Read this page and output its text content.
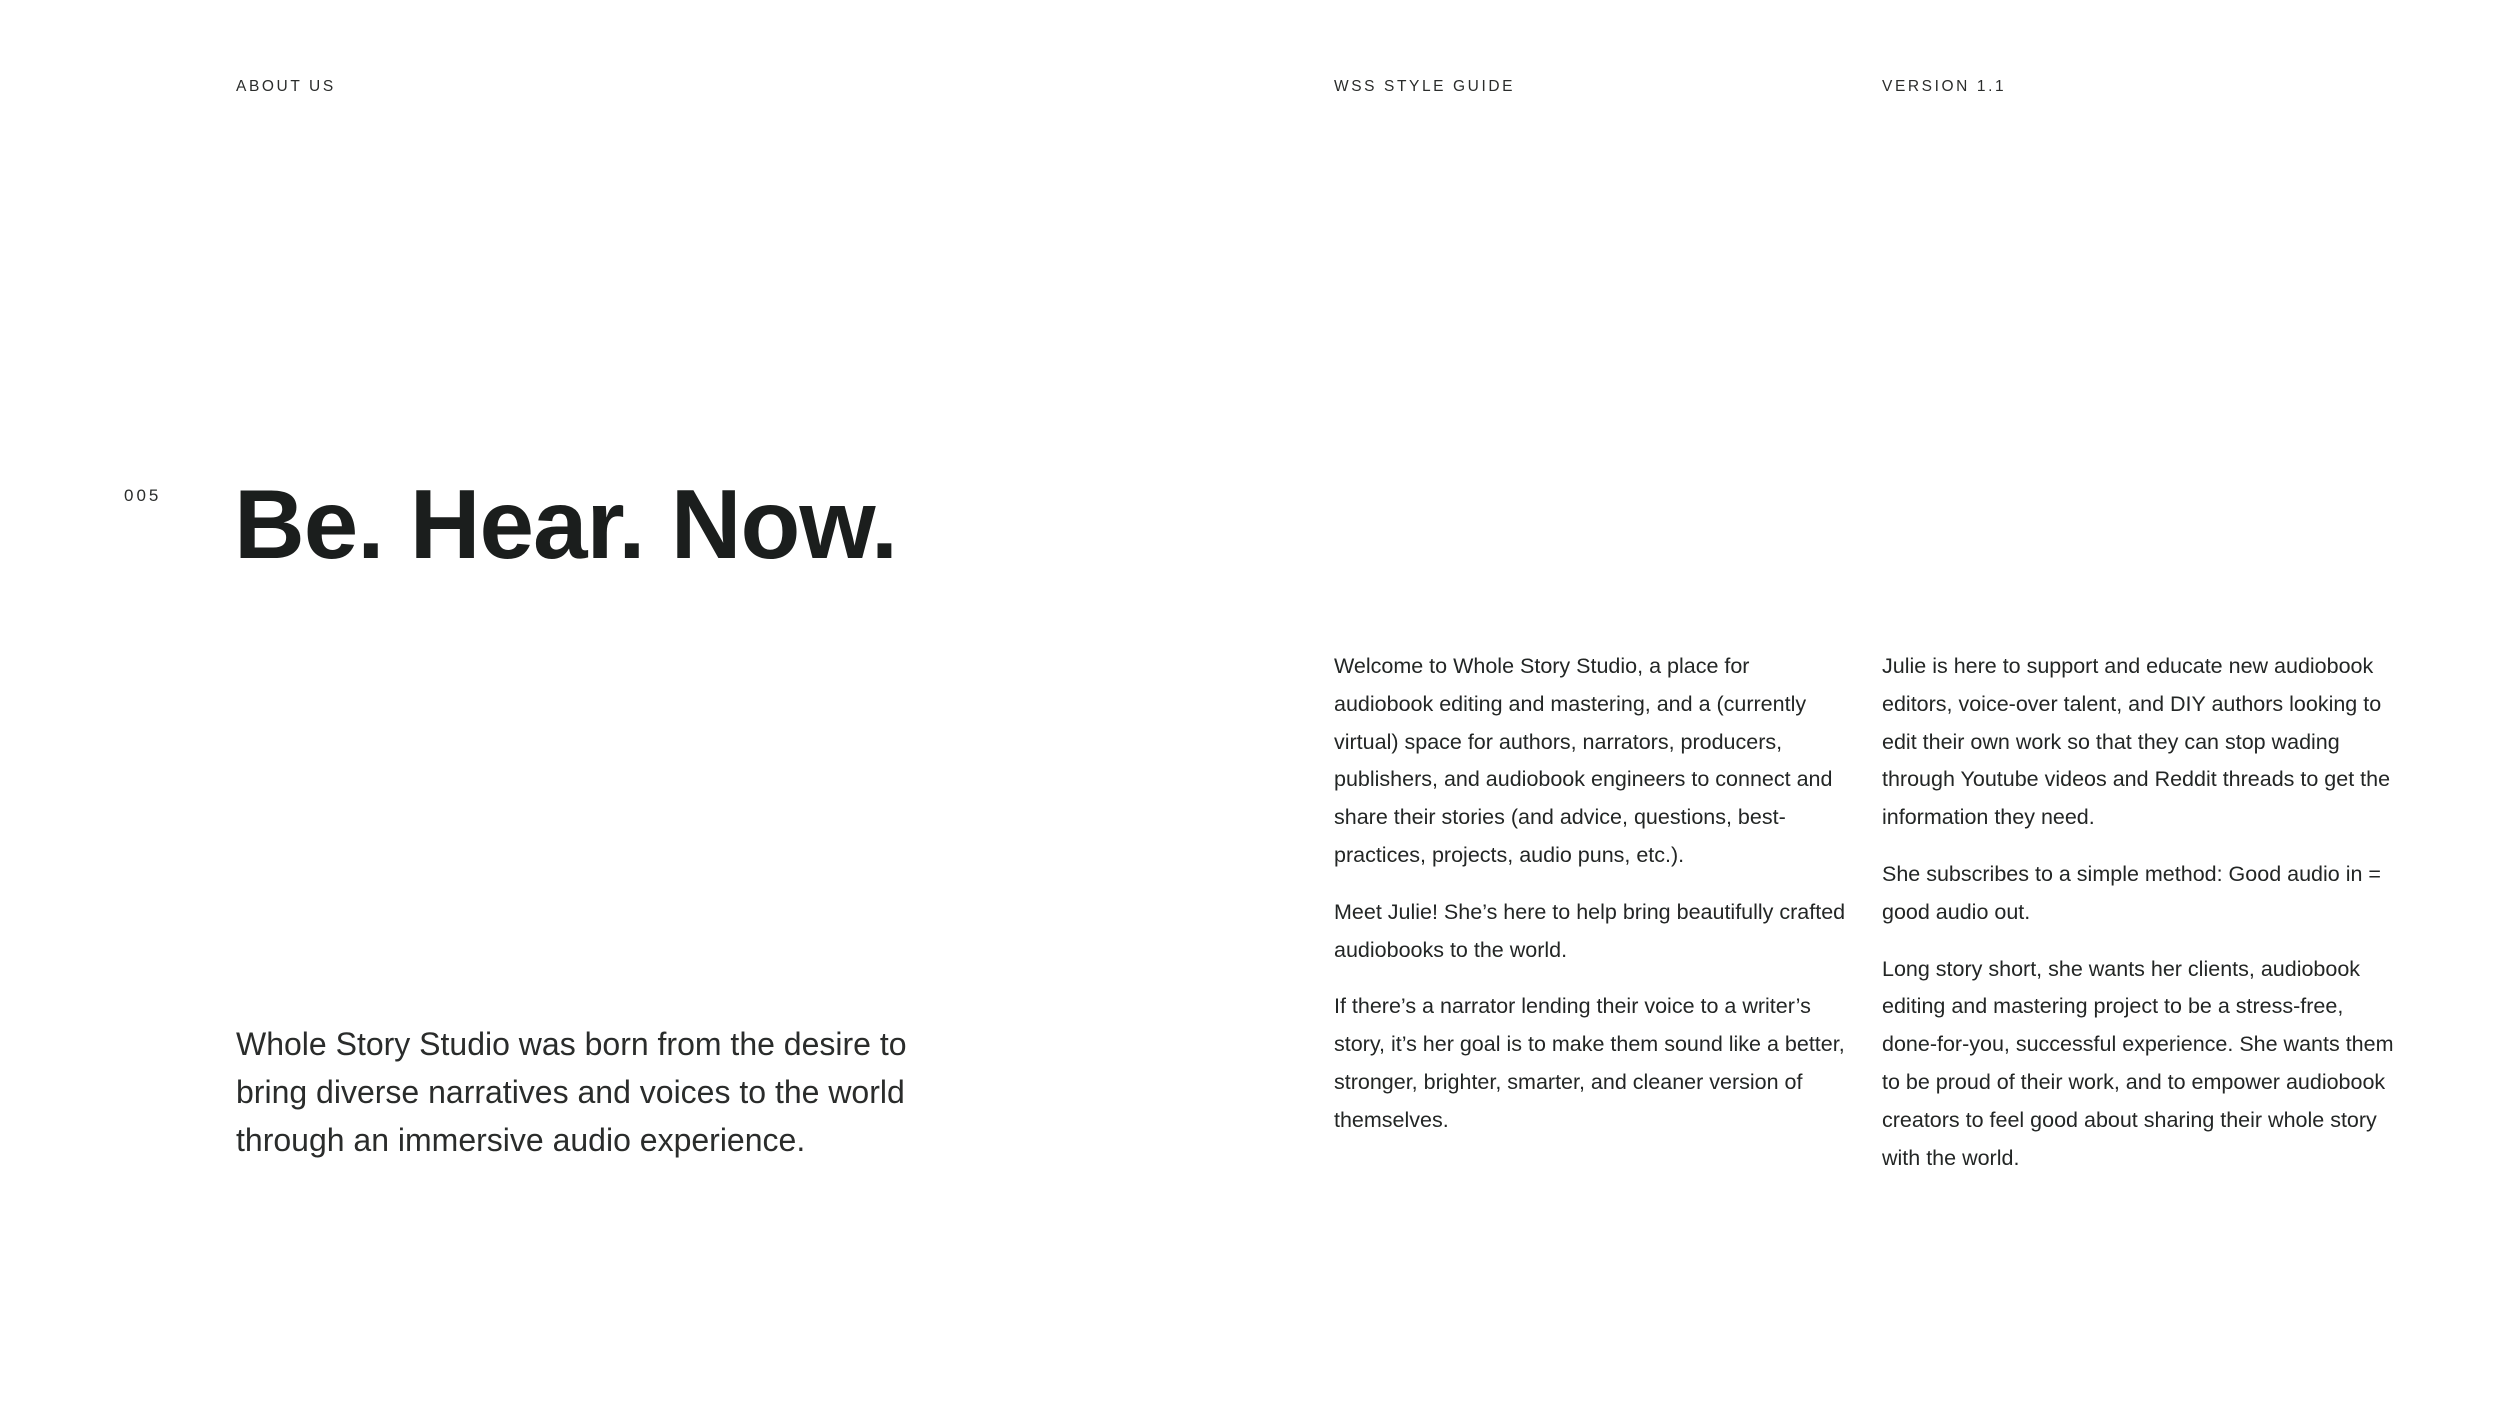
ABOUT US	WSS STYLE GUIDE	VERSION 1.1
005 Be. Hear. Now.

Whole Story Studio was born from the desire to bring diverse narratives and voices to the world through an immersive audio experience.

Welcome to Whole Story Studio, a place for audiobook editing and mastering, and a (currently virtual) space for authors, narrators, producers, publishers, and audiobook engineers to connect and share their stories (and advice, questions, best-practices, projects, audio puns, etc.).

Meet Julie! She’s here to help bring beautifully crafted audiobooks to the world.

If there’s a narrator lending their voice to a writer’s story, it’s her goal is to make them sound like a better, stronger, brighter, smarter, and cleaner version of themselves.

Julie is here to support and educate new audiobook editors, voice-over talent, and DIY authors looking to edit their own work so that they can stop wading through Youtube videos and Reddit threads to get the information they need.

She subscribes to a simple method: Good audio in = good audio out.

Long story short, she wants her clients, audiobook editing and mastering project to be a stress-free, done-for-you, successful experience. She wants them to be proud of their work, and to empower audiobook creators to feel good about sharing their whole story with the world.
